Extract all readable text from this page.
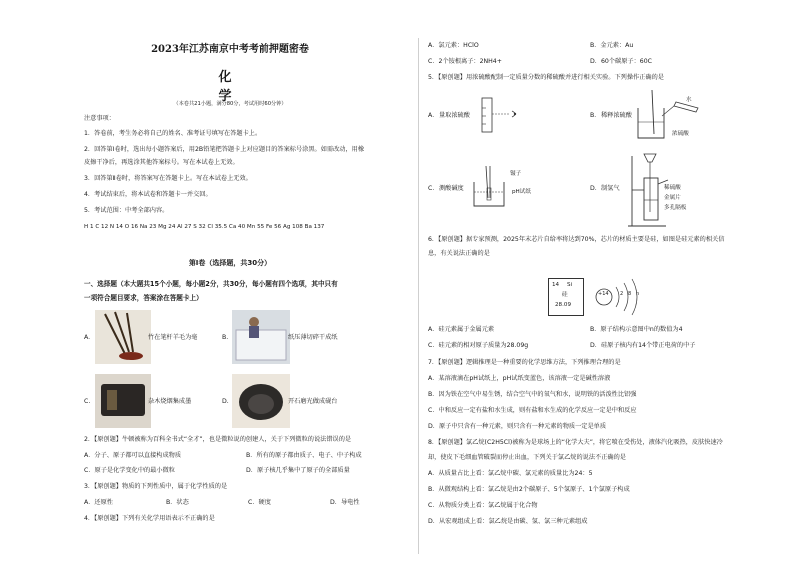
2023年江苏南京中考考前押题密卷
化 学
（本卷共21小题，满分80分，考试用时60分钟）
注意事项：
1．答卷前，考生务必将自己的姓名、准考证号填写在答题卡上。
2．回答第Ⅰ卷时，选出每小题答案后，用2B铅笔把答题卡上对应题目的答案标号涂黑。如需改动，用橡
皮擦干净后，再选涂其他答案标号。写在本试卷上无效。
3．回答第Ⅱ卷时，将答案写在答题卡上。写在本试卷上无效。
4．考试结束后，将本试卷和答题卡一并交回。
5．考试范围：中考全部内容。
H 1 C 12 N 14 O 16 Na 23 Mg 24 Al 27 S 32 Cl 35.5 Ca 40 Mn 55 Fe 56 Ag 108 Ba 137
第Ⅰ卷（选择题，共30分）
一、选择题（本大题共15个小题，每小题2分，共30分，每小题有四个选项，其中只有
一项符合题目要求，答案涂在答题卡上）
A.	竹在笔杆羊毛为毫	B.	纸压薄切碎干成纸
C.	杂木烧烟集成墨	D.	开石磨光做成砚台
2．【原创题】牛顿被称为百科全书式“全才”，也是微粒说的创建人，关于下列微粒的说法错误的是
A．分子、原子都可以直接构成物质	B．所有的原子都由质子、电子、中子构成
C．原子是化学变化中的最小微粒	D．原子核几乎集中了原子的全部质量
3．【原创题】物质的下列性质中，属于化学性质的是
A．还原性	B．状态	C．硬度	D．导电性
4．【原创题】下列有关化学用语表示不正确的是
A．氯元素：HClO	B．金元素：Au
C．2个铵根离子：2NH4+	D．60个碳原子：60C
5．【原创题】用浓硫酸配制一定质量分数的稀硫酸并进行相关实验。下列操作正确的是
A． 量取浓硫酸	B． 稀释浓硫酸
水
浓硫酸
C． 测酸碱度
镊子
pH试纸	D． 制氢气	稀硫酸
金属片
多孔隔板
6．【原创题】据专家预测，2025年末芯片自给率将达到70%，芯片的材质主要是硅，如图是硅元素的相关信
息，有关说法正确的是
14 Si
硅
28.09
+14 2 8 n
A．硅元素属于金属元素	B．原子结构示意图中n的数值为4
C．硅元素的相对原子质量为28.09g	D．硅原子核内有14个带正电荷的中子
7．【原创题】逻辑推理是一种重要的化学思维方法，下列推理合理的是
A．某溶液滴在pH试纸上，pH试纸变蓝色，该溶液一定是碱性溶液
B．因为铁在空气中易生锈，结合空气中的氧气和水，说明铁的活泼性比铝强
C．中和反应一定有盐和水生成，则有盐和水生成的化学反应一定是中和反应
D．原子中只含有一种元素，则只含有一种元素的物质一定是单质
8．【原创题】氯乙烷(C2H5Cl)被称为是球场上的“化学大夫”，将它喷在受伤处，液体汽化吸热，皮肤快速冷
却，使皮下毛细血管破裂而停止出血，下列关于氯乙烷的说法不正确的是
A．从质量占比上看：氯乙烷中碳、氯元素的质量比为24：5
B．从微观结构上看：氯乙烷是由2个碳原子、5个氢原子、1个氯原子构成
C．从物质分类上看：氯乙烷属于化合物
D．从宏观组成上看：氯乙烷是由碳、氢、氯三种元素组成
